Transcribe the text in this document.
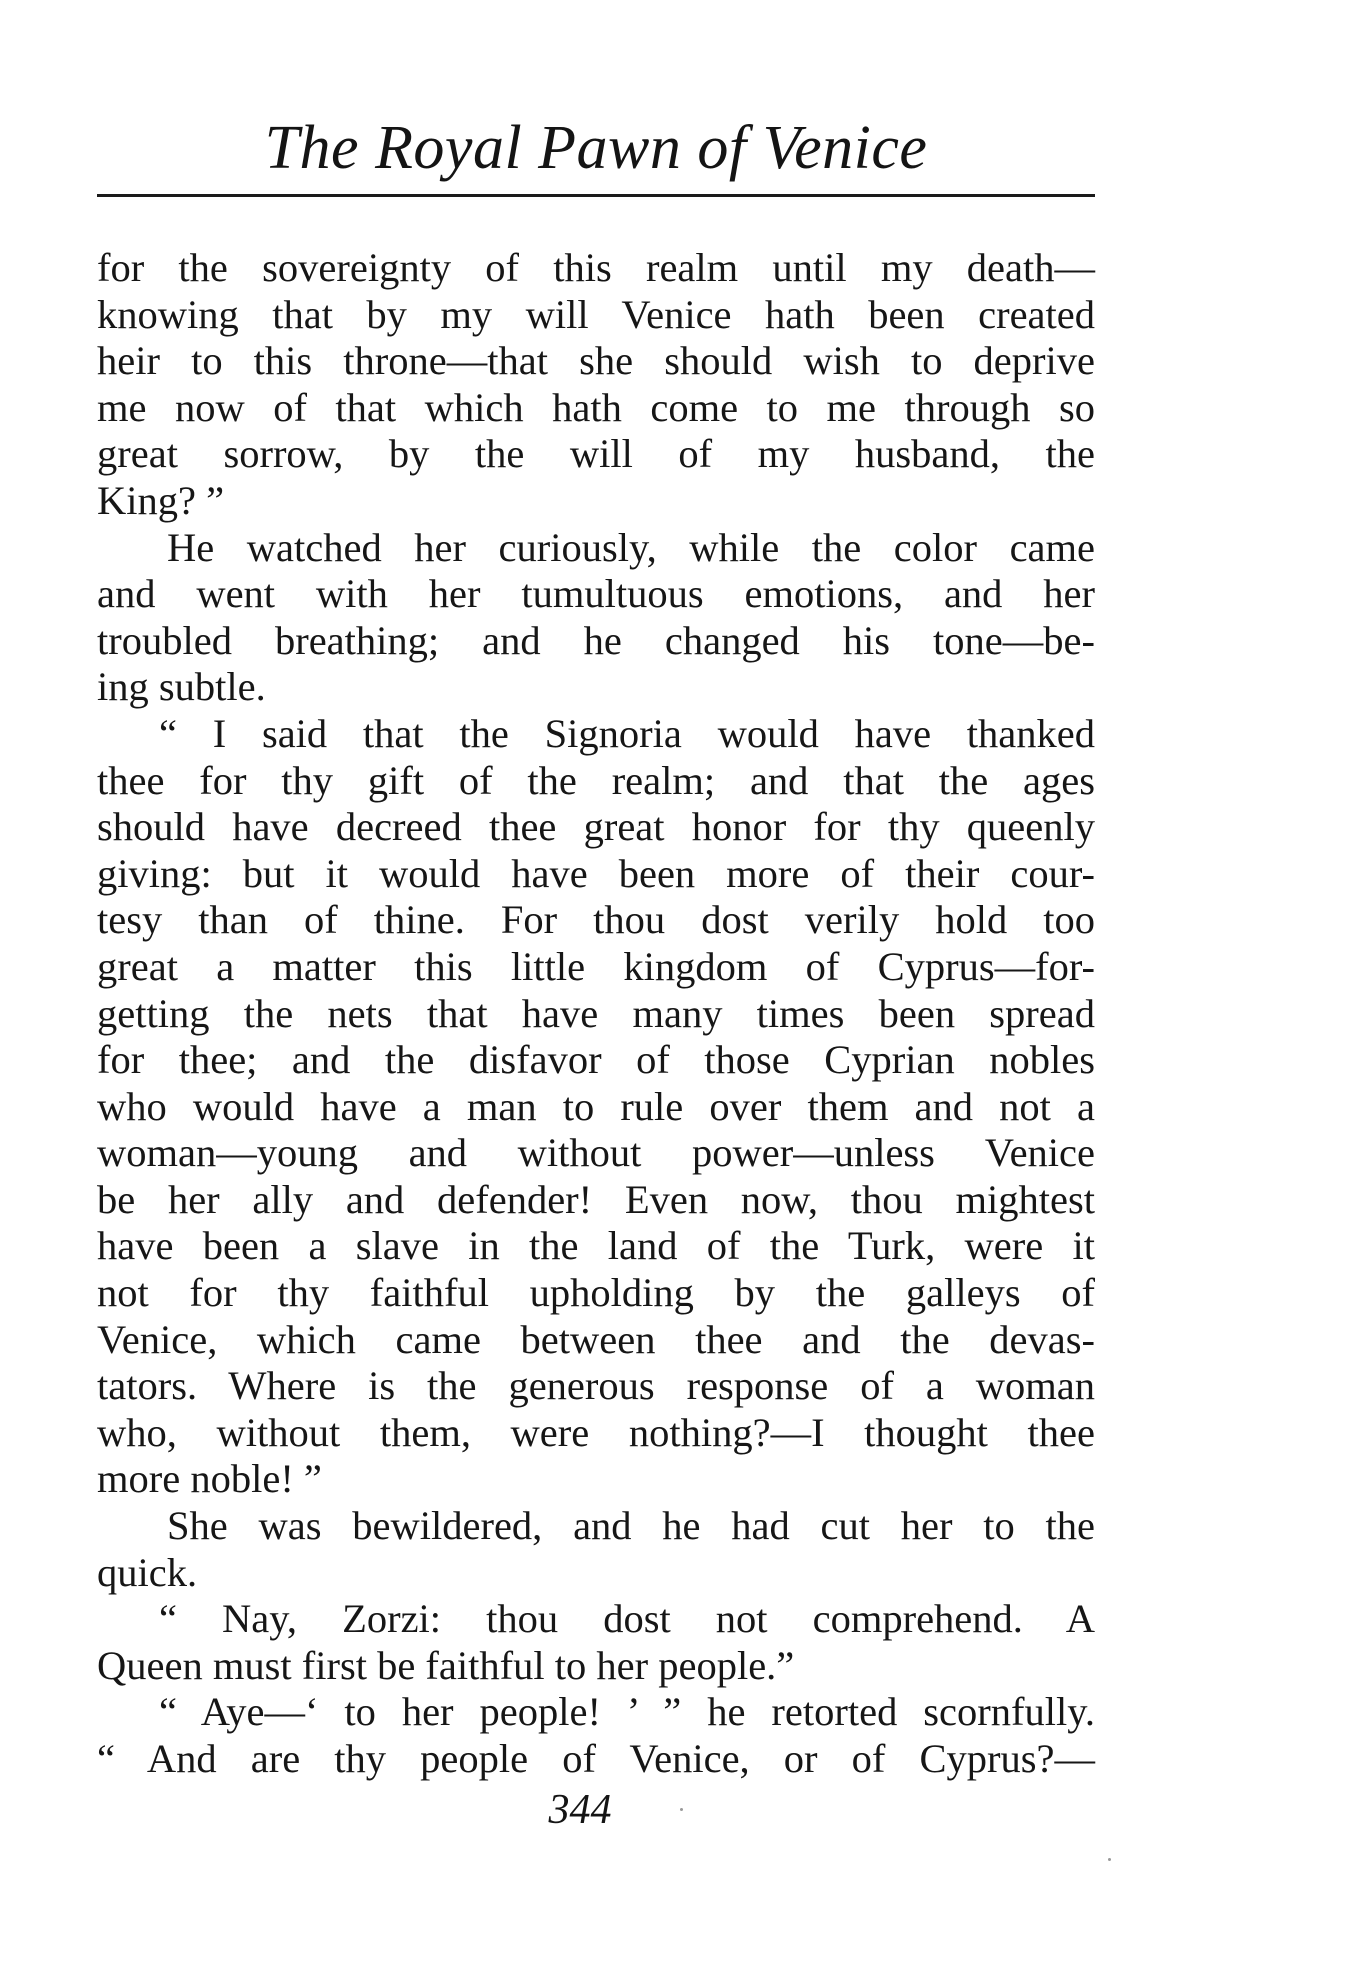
The Royal Pawn of Venice
for the sovereignty of this realm until my death—
knowing that by my will Venice hath been created
heir to this throne—that she should wish to deprive
me now of that which hath come to me through so
great sorrow, by the will of my husband, the
King? ”
He watched her curiously, while the color came
and went with her tumultuous emotions, and her
troubled breathing; and he changed his tone—be-
ing subtle.
“ I said that the Signoria would have thanked
thee for thy gift of the realm; and that the ages
should have decreed thee great honor for thy queenly
giving: but it would have been more of their cour-
tesy than of thine. For thou dost verily hold too
great a matter this little kingdom of Cyprus—for-
getting the nets that have many times been spread
for thee; and the disfavor of those Cyprian nobles
who would have a man to rule over them and not a
woman—young and without power—unless Venice
be her ally and defender! Even now, thou mightest
have been a slave in the land of the Turk, were it
not for thy faithful upholding by the galleys of
Venice, which came between thee and the devas-
tators. Where is the generous response of a woman
who, without them, were nothing?—I thought thee
more noble! ”
She was bewildered, and he had cut her to the
quick.
“ Nay, Zorzi: thou dost not comprehend. A
Queen must first be faithful to her people.”
“ Aye—‘ to her people! ’ ” he retorted scornfully.
“ And are thy people of Venice, or of Cyprus?—
344
